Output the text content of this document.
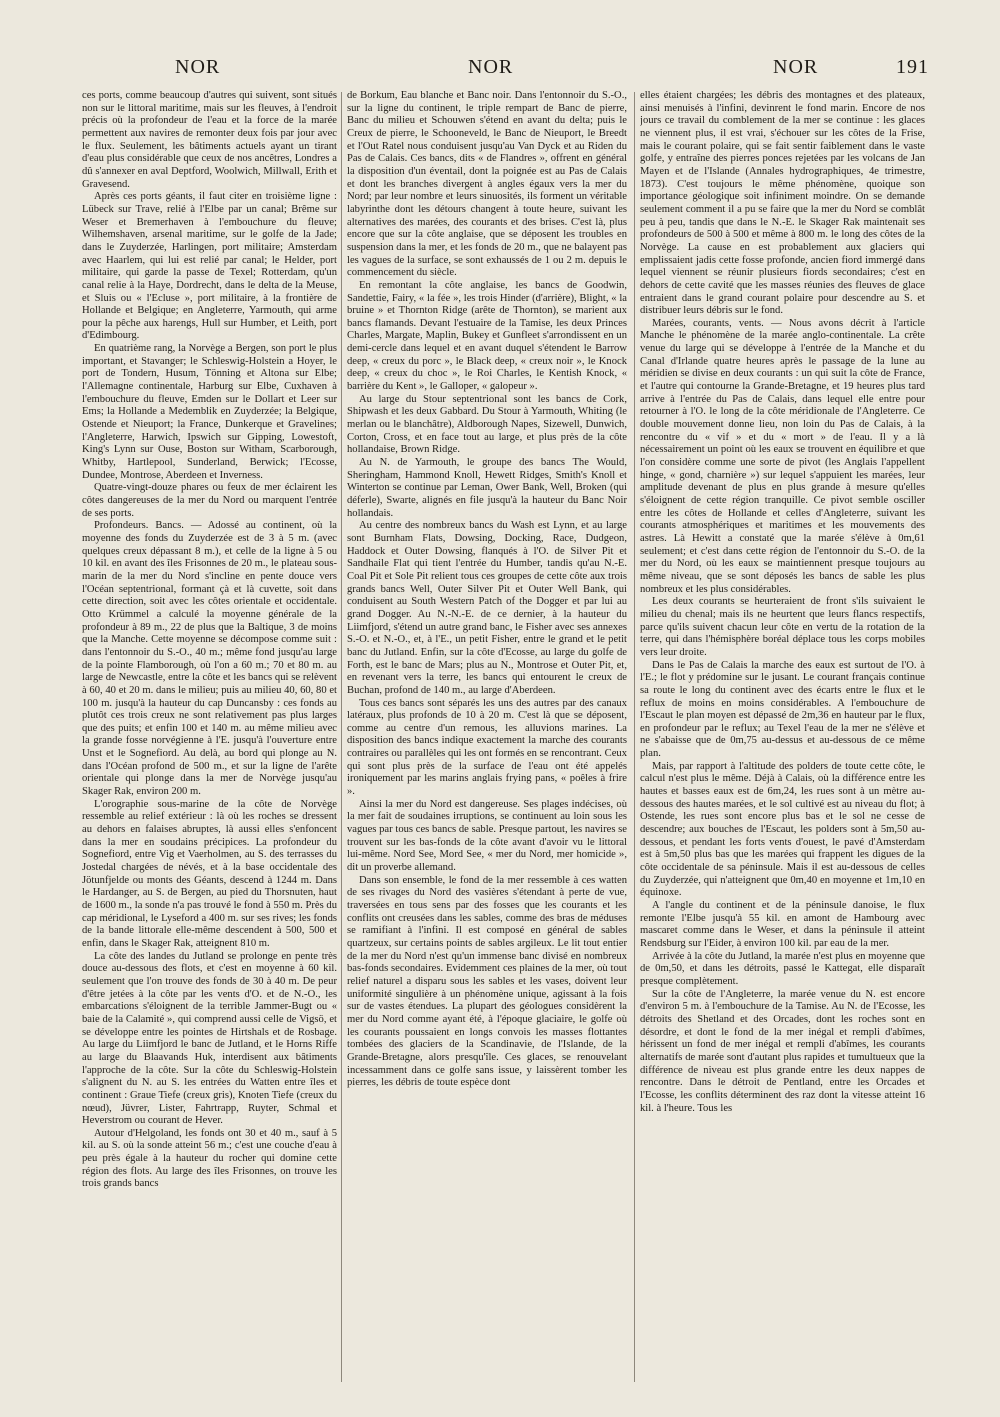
NOR	NOR	NOR	191

ces ports, comme beaucoup d'autres qui suivent, sont situés non sur le littoral maritime, mais sur les fleuves, à l'endroit précis où la profondeur de l'eau et la force de la marée permettent aux navires de remonter deux fois par jour avec le flux. Seulement, les bâtiments actuels ayant un tirant d'eau plus considérable que ceux de nos ancêtres, Londres a dû s'annexer en aval Deptford, Woolwich, Millwall, Erith et Gravesend.

Après ces ports géants, il faut citer en troisième ligne : Lübeck sur Trave, relié à l'Elbe par un canal; Brême sur Weser et Bremerhaven à l'embouchure du fleuve; Wilhemshaven, arsenal maritime, sur le golfe de la Jade; dans le Zuyderzée, Harlingen, port militaire; Amsterdam avec Haarlem, qui lui est relié par canal; le Helder, port militaire, qui garde la passe de Texel; Rotterdam, qu'un canal relie à la Haye, Dordrecht, dans le delta de la Meuse, et Sluis ou « l'Ecluse », port militaire, à la frontière de Hollande et Belgique; en Angleterre, Yarmouth, qui arme pour la pêche aux harengs, Hull sur Humber, et Leith, port d'Edimbourg.

En quatrième rang, la Norvège a Bergen, son port le plus important, et Stavanger; le Schleswig-Holstein a Hoyer, le port de Tondern, Husum, Tönning et Altona sur Elbe; l'Allemagne continentale, Harburg sur Elbe, Cuxhaven à l'embouchure du fleuve, Emden sur le Dollart et Leer sur Ems; la Hollande a Medemblik en Zuyderzée; la Belgique, Ostende et Nieuport; la France, Dunkerque et Gravelines; l'Angleterre, Harwich, Ipswich sur Gipping, Lowestoft, King's Lynn sur Ouse, Boston sur Witham, Scarborough, Whitby, Hartlepool, Sunderland, Berwick; l'Ecosse, Dundee, Montrose, Aberdeen et Inverness.

Quatre-vingt-douze phares ou feux de mer éclairent les côtes dangereuses de la mer du Nord ou marquent l'entrée de ses ports.

Profondeurs. Bancs. — Adossé au continent, où la moyenne des fonds du Zuyderzée est de 3 à 5 m. (avec quelques creux dépassant 8 m.), et celle de la ligne à 5 ou 10 kil. en avant des îles Frisonnes de 20 m., le plateau sous-marin de la mer du Nord s'incline en pente douce vers l'Océan septentrional, formant çà et là cuvette, soit dans cette direction, soit avec les côtes orientale et occidentale. Otto Krümmel a calculé la moyenne générale de la profondeur à 89 m., 22 de plus que la Baltique, 3 de moins que la Manche. Cette moyenne se décompose comme suit : dans l'entonnoir du S.-O., 40 m.; même fond jusqu'au large de la pointe Flamborough, où l'on a 60 m.; 70 et 80 m. au large de Newcastle, entre la côte et les bancs qui se relèvent à 60, 40 et 20 m. dans le milieu; puis au milieu 40, 60, 80 et 100 m. jusqu'à la hauteur du cap Duncansby : ces fonds au plutôt ces trois creux ne sont relativement pas plus larges que des puits; et enfin 100 et 140 m. au même milieu avec la grande fosse norvégienne à l'E. jusqu'à l'ouverture entre Unst et le Sognefiord. Au delà, au bord qui plonge au N. dans l'Océan profond de 500 m., et sur la ligne de l'arête orientale qui plonge dans la mer de Norvège jusqu'au Skager Rak, environ 200 m.

L'orographie sous-marine de la côte de Norvège ressemble au relief extérieur : là où les roches se dressent au dehors en falaises abruptes, là aussi elles s'enfoncent dans la mer en soudains précipices. La profondeur du Sognefiord, entre Vig et Vaerholmen, au S. des terrasses du Jostedal chargées de névés, et à la base occidentale des Jötunfjelde ou monts des Géants, descend à 1244 m. Dans le Hardanger, au S. de Bergen, au pied du Thorsnuten, haut de 1600 m., la sonde n'a pas trouvé le fond à 550 m. Près du cap méridional, le Lyseford a 400 m. sur ses rives; les fonds de la bande littorale elle-même descendent à 500, 500 et enfin, dans le Skager Rak, atteignent 810 m.

La côte des landes du Jutland se prolonge en pente très douce au-dessous des flots, et c'est en moyenne à 60 kil. seulement que l'on trouve des fonds de 30 à 40 m. De peur d'être jetées à la côte par les vents d'O. et de N.-O., les embarcations s'éloignent de la terrible Jammer-Bugt ou « baie de la Calamité », qui comprend aussi celle de Vigsö, et se développe entre les pointes de Hirtshals et de Rosbage. Au large du Liimfjord le banc de Jutland, et le Horns Riffe au large du Blaavands Huk, interdisent aux bâtiments l'approche de la côte. Sur la côte du Schleswig-Holstein s'alignent du N. au S. les entrées du Watten entre îles et continent : Graue Tiefe (creux gris), Knoten Tiefe (creux du nœud), Jüvrer, Lister, Fahrtrapp, Ruyter, Schmal et Heverstrom ou courant de Hever.

Autour d'Helgoland, les fonds ont 30 et 40 m., sauf à 5 kil. au S. où la sonde atteint 56 m.; c'est une couche d'eau à peu près égale à la hauteur du rocher qui domine cette région des flots. Au large des îles Frisonnes, on trouve les trois grands bancs

de Borkum, Eau blanche et Banc noir. Dans l'entonnoir du S.-O., sur la ligne du continent, le triple rempart de Banc de pierre, Banc du milieu et Schouwen s'étend en avant du delta; puis le Creux de pierre, le Schooneveld, le Banc de Nieuport, le Breedt et l'Out Ratel nous conduisent jusqu'au Van Dyck et au Riden du Pas de Calais. Ces bancs, dits « de Flandres », offrent en général la disposition d'un éventail, dont la poignée est au Pas de Calais et dont les branches divergent à angles égaux vers la mer du Nord; par leur nombre et leurs sinuosités, ils forment un véritable labyrinthe dont les détours changent à toute heure, suivant les alternatives des marées, des courants et des brises. C'est là, plus encore que sur la côte anglaise, que se déposent les troubles en suspension dans la mer, et les fonds de 20 m., que ne balayent pas les vagues de la surface, se sont exhaussés de 1 ou 2 m. depuis le commencement du siècle.

En remontant la côte anglaise, les bancs de Goodwin, Sandettie, Fairy, « la fée », les trois Hinder (d'arrière), Blight, « la bruine » et Thornton Ridge (arête de Thornton), se marient aux bancs flamands. Devant l'estuaire de la Tamise, les deux Princes Charles, Margate, Maplin, Bukey et Gunfleet s'arrondissent en un demi-cercle dans lequel et en avant duquel s'étendent le Barrow deep, « creux du porc », le Black deep, « creux noir », le Knock deep, « creux du choc », le Roi Charles, le Kentish Knock, « barrière du Kent », le Galloper, « galopeur ».

Au large du Stour septentrional sont les bancs de Cork, Shipwash et les deux Gabbard. Du Stour à Yarmouth, Whiting (le merlan ou le blanchâtre), Aldborough Napes, Sizewell, Dunwich, Corton, Cross, et en face tout au large, et plus près de la côte hollandaise, Brown Ridge.

Au N. de Yarmouth, le groupe des bancs The Would, Sheringham, Hammond Knoll, Hewett Ridges, Smith's Knoll et Winterton se continue par Leman, Ower Bank, Well, Broken (qui déferle), Swarte, alignés en file jusqu'à la hauteur du Banc Noir hollandais.

Au centre des nombreux bancs du Wash est Lynn, et au large sont Burnham Flats, Dowsing, Docking, Race, Dudgeon, Haddock et Outer Dowsing, flanqués à l'O. de Silver Pit et Sandhaile Flat qui tient l'entrée du Humber, tandis qu'au N.-E. Coal Pit et Sole Pit relient tous ces groupes de cette côte aux trois grands bancs Well, Outer Silver Pit et Outer Well Bank, qui conduisent au South Western Patch of the Dogger et par lui au grand Dogger. Au N.-N.-E. de ce dernier, à la hauteur du Liimfjord, s'étend un autre grand banc, le Fisher avec ses annexes S.-O. et N.-O., et, à l'E., un petit Fisher, entre le grand et le petit banc du Jutland. Enfin, sur la côte d'Ecosse, au large du golfe de Forth, est le banc de Mars; plus au N., Montrose et Outer Pit, et, en revenant vers la terre, les bancs qui entourent le creux de Buchan, profond de 140 m., au large d'Aberdeen.

Tous ces bancs sont séparés les uns des autres par des canaux latéraux, plus profonds de 10 à 20 m. C'est là que se déposent, comme au centre d'un remous, les alluvions marines. La disposition des bancs indique exactement la marche des courants contraires ou parallèles qui les ont formés en se rencontrant. Ceux qui sont plus près de la surface de l'eau ont été appelés ironiquement par les marins anglais frying pans, « poêles à frire ».

Ainsi la mer du Nord est dangereuse. Ses plages indécises, où la mer fait de soudaines irruptions, se continuent au loin sous les vagues par tous ces bancs de sable. Presque partout, les navires se trouvent sur les bas-fonds de la côte avant d'avoir vu le littoral lui-même. Nord See, Mord See, « mer du Nord, mer homicide », dit un proverbe allemand.

Dans son ensemble, le fond de la mer ressemble à ces watten de ses rivages du Nord des vasières s'étendant à perte de vue, traversées en tous sens par des fosses que les courants et les conflits ont creusées dans les sables, comme des bras de méduses se ramifiant à l'infini. Il est composé en général de sables quartzeux, sur certains points de sables argileux. Le lit tout entier de la mer du Nord n'est qu'un immense banc divisé en nombreux bas-fonds secondaires. Evidemment ces plaines de la mer, où tout relief naturel a disparu sous les sables et les vases, doivent leur uniformité singulière à un phénomène unique, agissant à la fois sur de vastes étendues. La plupart des géologues considèrent la mer du Nord comme ayant été, à l'époque glaciaire, le golfe où les courants poussaient en longs convois les masses flottantes tombées des glaciers de la Scandinavie, de l'Islande, de la Grande-Bretagne, alors presqu'île. Ces glaces, se renouvelant incessamment dans ce golfe sans issue, y laissèrent tomber les pierres, les débris de toute espèce dont

elles étaient chargées; les débris des montagnes et des plateaux, ainsi menuisés à l'infini, devinrent le fond marin. Encore de nos jours ce travail du comblement de la mer se continue : les glaces ne viennent plus, il est vrai, s'échouer sur les côtes de la Frise, mais le courant polaire, qui se fait sentir faiblement dans le vaste golfe, y entraîne des pierres ponces rejetées par les volcans de Jan Mayen et de l'Islande (Annales hydrographiques, 4e trimestre, 1873). C'est toujours le même phénomène, quoique son importance géologique soit infiniment moindre. On se demande seulement comment il a pu se faire que la mer du Nord se comblât peu à peu, tandis que dans le N.-E. le Skager Rak maintenait ses profondeurs de 500 à 500 et même à 800 m. le long des côtes de la Norvège. La cause en est probablement aux glaciers qui emplissaient jadis cette fosse profonde, ancien fiord immergé dans lequel viennent se réunir plusieurs fiords secondaires; c'est en dehors de cette cavité que les masses réunies des fleuves de glace entraient dans le grand courant polaire pour descendre au S. et distribuer leurs débris sur le fond.

Marées, courants, vents. — Nous avons décrit à l'article Manche le phénomène de la marée anglo-continentale. La crête venue du large qui se développe à l'entrée de la Manche et du Canal d'Irlande quatre heures après le passage de la lune au méridien se divise en deux courants : un qui suit la côte de France, et l'autre qui contourne la Grande-Bretagne, et 19 heures plus tard arrive à l'entrée du Pas de Calais, dans lequel elle entre pour retourner à l'O. le long de la côte méridionale de l'Angleterre. Ce double mouvement donne lieu, non loin du Pas de Calais, à la rencontre du « vif » et du « mort » de l'eau. Il y a là nécessairement un point où les eaux se trouvent en équilibre et que l'on considère comme une sorte de pivot (les Anglais l'appellent hinge, « gond, charnière ») sur lequel s'appuient les marées, leur amplitude devenant de plus en plus grande à mesure qu'elles s'éloignent de cette région tranquille. Ce pivot semble osciller entre les côtes de Hollande et celles d'Angleterre, suivant les courants atmosphériques et maritimes et les mouvements des astres. Là Hewitt a constaté que la marée s'élève à 0m,61 seulement; et c'est dans cette région de l'entonnoir du S.-O. de la mer du Nord, où les eaux se maintiennent presque toujours au même niveau, que se sont déposés les bancs de sable les plus nombreux et les plus considérables.

Les deux courants se heurteraient de front s'ils suivaient le milieu du chenal; mais ils ne heurtent que leurs flancs respectifs, parce qu'ils suivent chacun leur côte en vertu de la rotation de la terre, qui dans l'hémisphère boréal déplace tous les corps mobiles vers leur droite.

Dans le Pas de Calais la marche des eaux est surtout de l'O. à l'E.; le flot y prédomine sur le jusant. Le courant français continue sa route le long du continent avec des écarts entre le flux et le reflux de moins en moins considérables. A l'embouchure de l'Escaut le plan moyen est dépassé de 2m,36 en hauteur par le flux, en profondeur par le reflux; au Texel l'eau de la mer ne s'élève et ne s'abaisse que de 0m,75 au-dessus et au-dessous de ce même plan.

Mais, par rapport à l'altitude des polders de toute cette côte, le calcul n'est plus le même. Déjà à Calais, où la différence entre les hautes et basses eaux est de 6m,24, les rues sont à un mètre au-dessous des hautes marées, et le sol cultivé est au niveau du flot; à Ostende, les rues sont encore plus bas et le sol ne cesse de descendre; aux bouches de l'Escaut, les polders sont à 5m,50 au-dessous, et pendant les forts vents d'ouest, le pavé d'Amsterdam est à 5m,50 plus bas que les marées qui frappent les digues de la côte occidentale de sa péninsule. Mais il est au-dessous de celles du Zuyderzée, qui n'atteignent que 0m,40 en moyenne et 1m,10 en équinoxe.

A l'angle du continent et de la péninsule danoise, le flux remonte l'Elbe jusqu'à 55 kil. en amont de Hambourg avec mascaret comme dans le Weser, et dans la péninsule il atteint Rendsburg sur l'Eider, à environ 100 kil. par eau de la mer.

Arrivée à la côte du Jutland, la marée n'est plus en moyenne que de 0m,50, et dans les détroits, passé le Kattegat, elle disparaît presque complètement.

Sur la côte de l'Angleterre, la marée venue du N. est encore d'environ 5 m. à l'embouchure de la Tamise. Au N. de l'Ecosse, les détroits des Shetland et des Orcades, dont les roches sont en désordre, et dont le fond de la mer inégal et rempli d'abîmes, hérissent un fond de mer inégal et rempli d'abîmes, les courants alternatifs de marée sont d'autant plus rapides et tumultueux que la différence de niveau est plus grande entre les deux nappes de rencontre. Dans le détroit de Pentland, entre les Orcades et l'Ecosse, les conflits déterminent des raz dont la vitesse atteint 16 kil. à l'heure. Tous les
